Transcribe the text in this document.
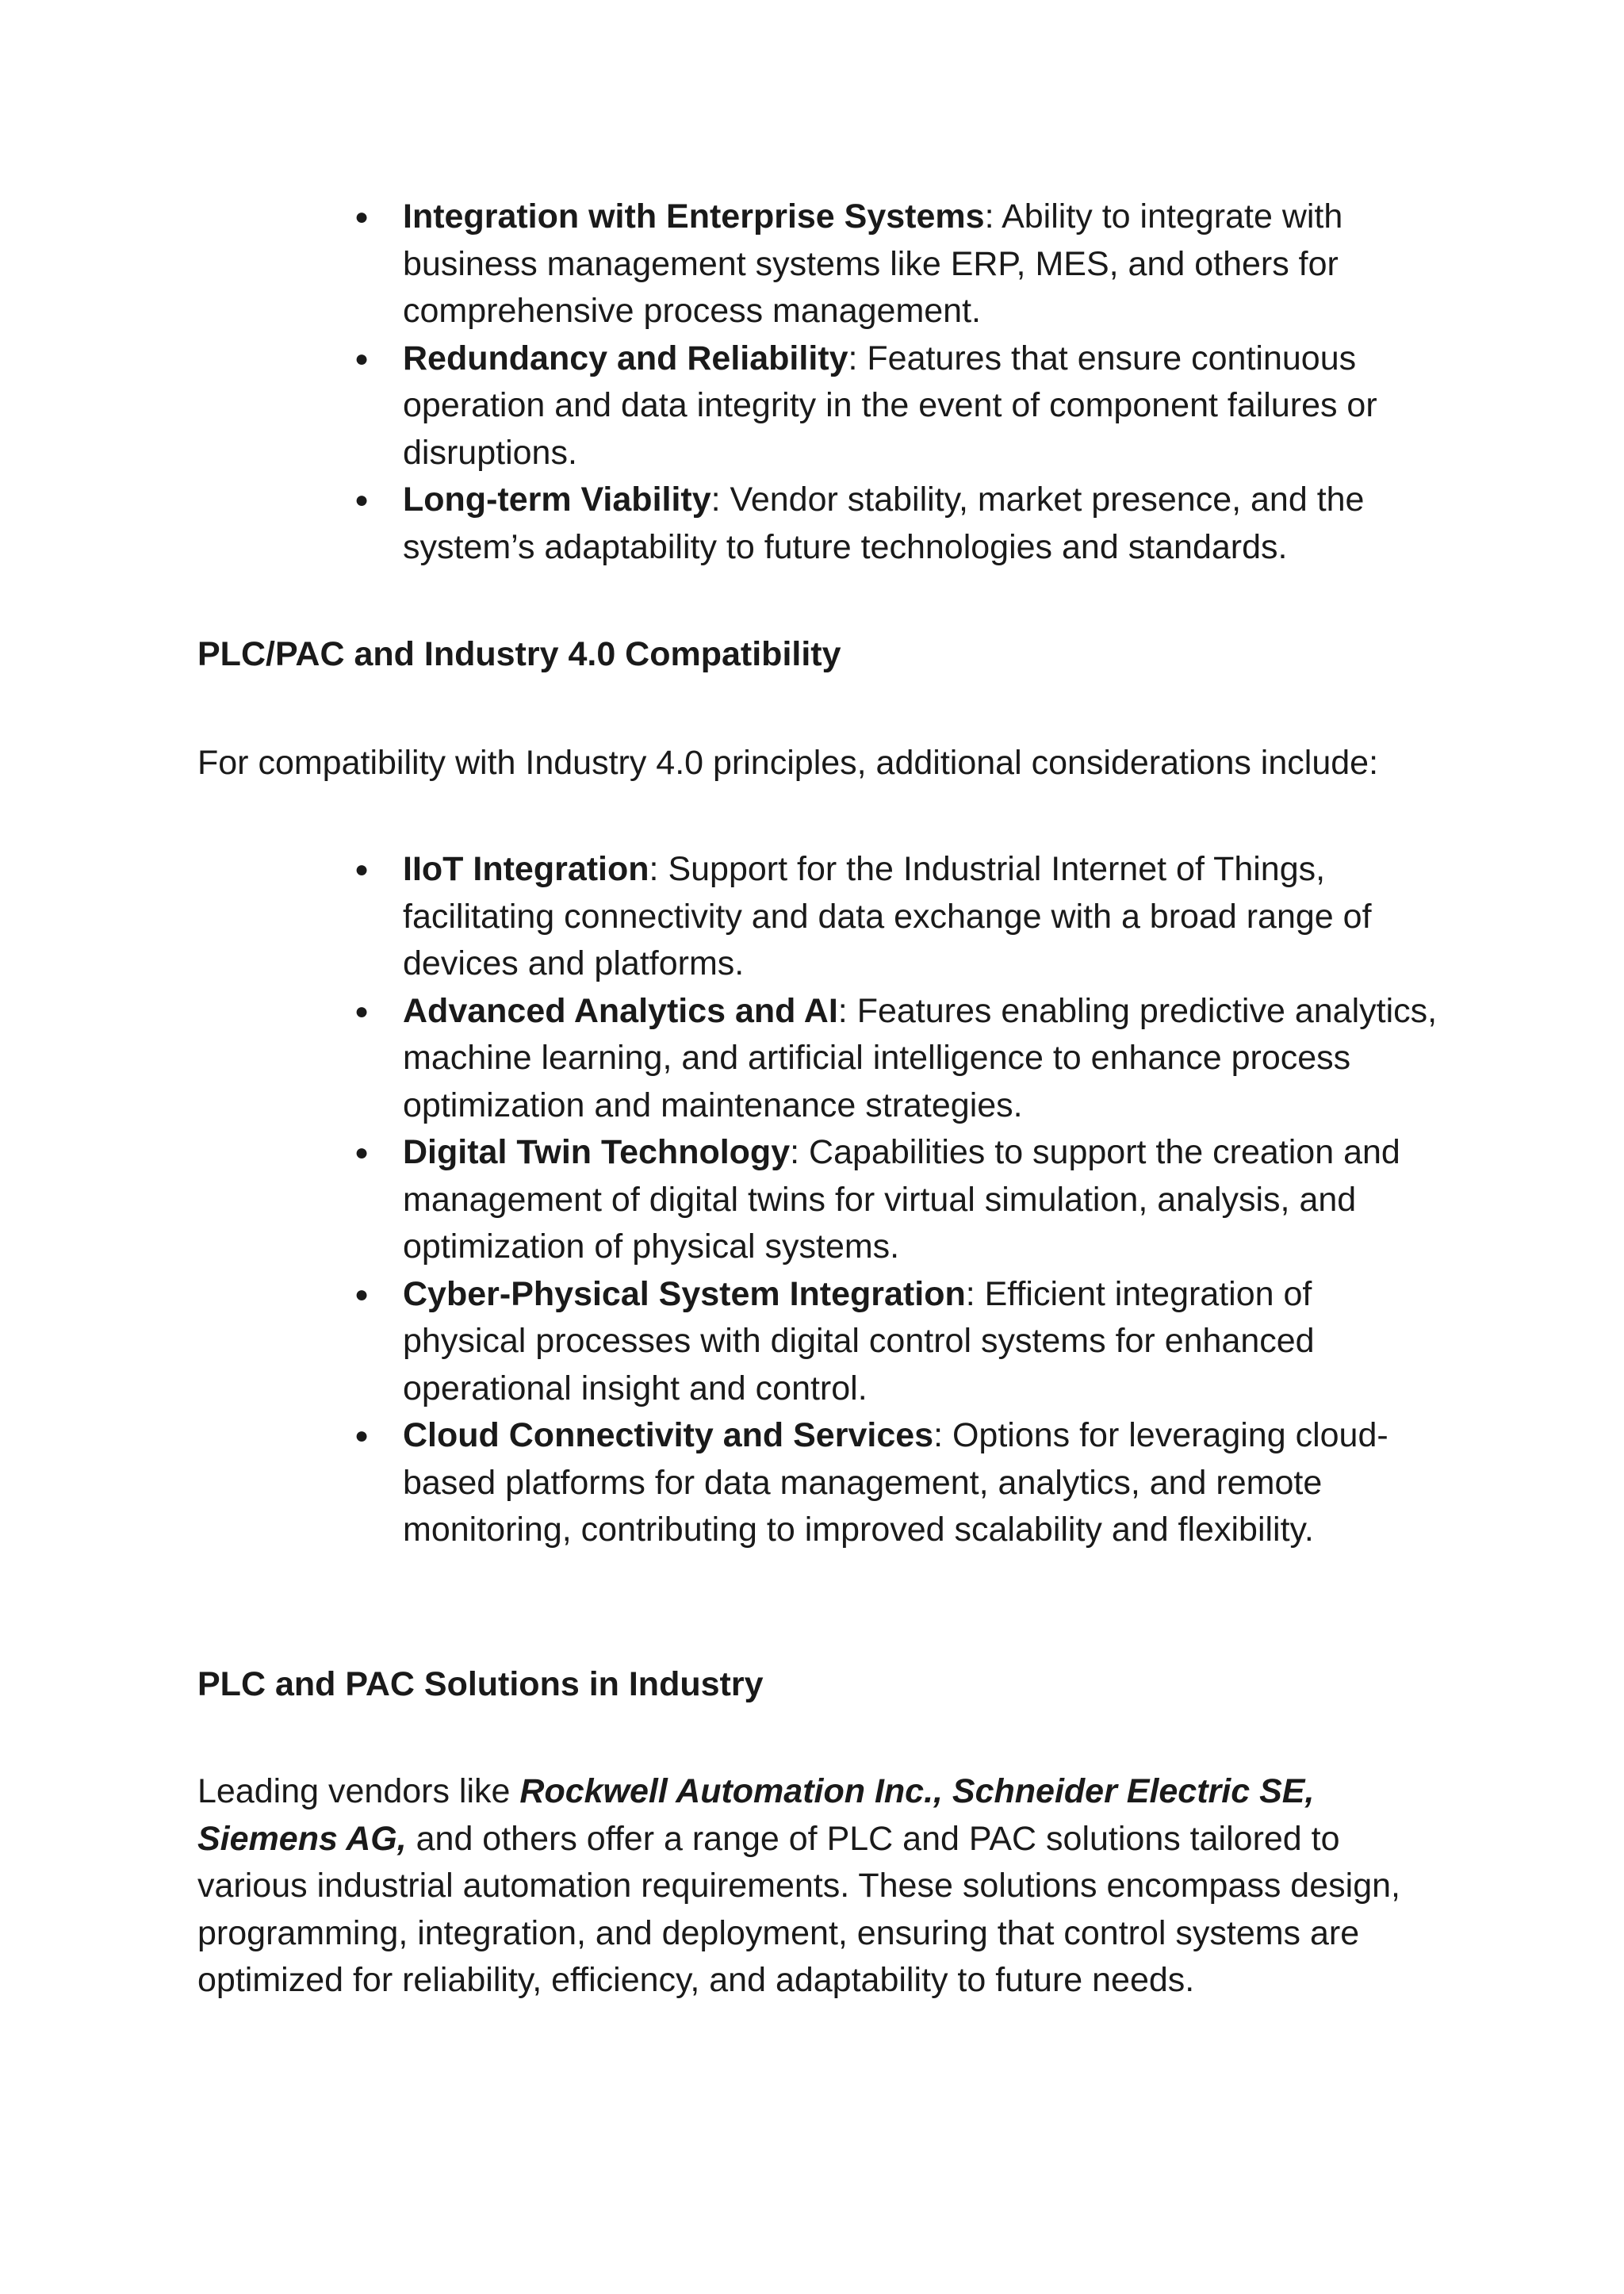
● Integration with Enterprise Systems: Ability to integrate with business management systems like ERP, MES, and others for comprehensive process management.
● Redundancy and Reliability: Features that ensure continuous operation and data integrity in the event of component failures or disruptions.
● Long-term Viability: Vendor stability, market presence, and the system’s adaptability to future technologies and standards.
PLC/PAC and Industry 4.0 Compatibility

For compatibility with Industry 4.0 principles, additional considerations include:

● IIoT Integration: Support for the Industrial Internet of Things, facilitating connectivity and data exchange with a broad range of devices and platforms.
● Advanced Analytics and AI: Features enabling predictive analytics, machine learning, and artificial intelligence to enhance process optimization and maintenance strategies.
● Digital Twin Technology: Capabilities to support the creation and management of digital twins for virtual simulation, analysis, and optimization of physical systems.
● Cyber-Physical System Integration: Efficient integration of physical processes with digital control systems for enhanced operational insight and control.
● Cloud Connectivity and Services: Options for leveraging cloud-based platforms for data management, analytics, and remote monitoring, contributing to improved scalability and flexibility.
PLC and PAC Solutions in Industry

Leading vendors like Rockwell Automation Inc., Schneider Electric SE, Siemens AG, and others offer a range of PLC and PAC solutions tailored to various industrial automation requirements. These solutions encompass design, programming, integration, and deployment, ensuring that control systems are optimized for reliability, efficiency, and adaptability to future needs.
